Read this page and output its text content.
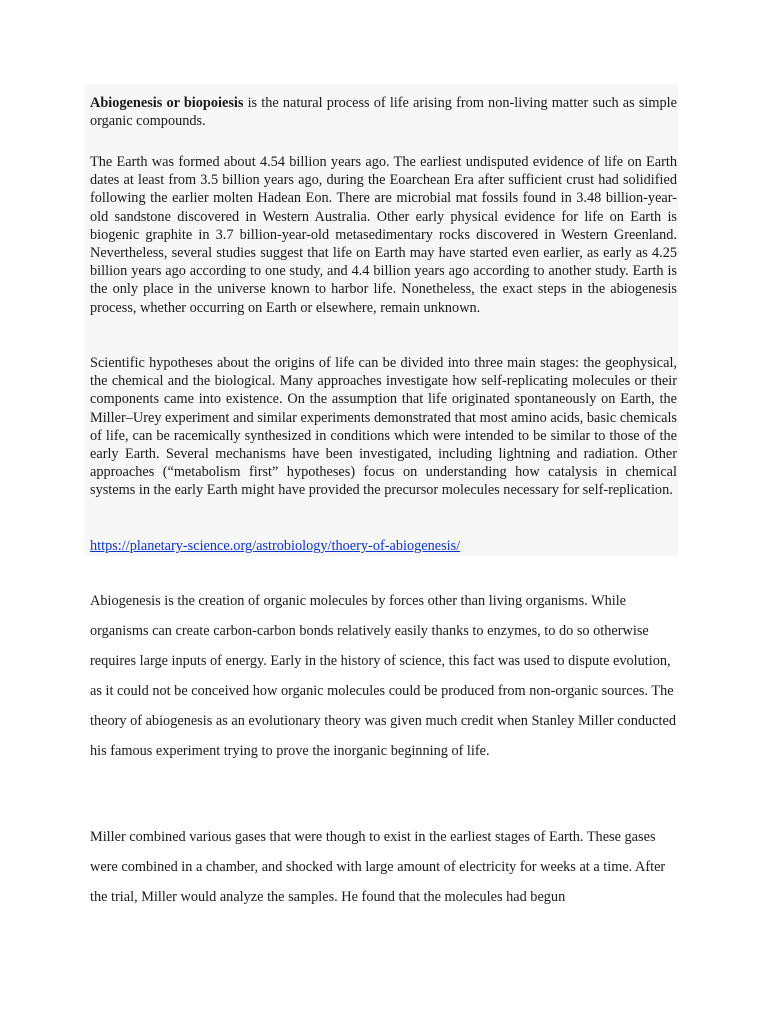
Abiogenesis or biopoiesis is the natural process of life arising from non-living matter such as simple organic compounds.

The Earth was formed about 4.54 billion years ago. The earliest undisputed evidence of life on Earth dates at least from 3.5 billion years ago, during the Eoarchean Era after sufficient crust had solidified following the earlier molten Hadean Eon. There are microbial mat fossils found in 3.48 billion-year-old sandstone discovered in Western Australia. Other early physical evidence for life on Earth is biogenic graphite in 3.7 billion-year-old metasedimentary rocks discovered in Western Greenland. Nevertheless, several studies suggest that life on Earth may have started even earlier, as early as 4.25 billion years ago according to one study, and 4.4 billion years ago according to another study. Earth is the only place in the universe known to harbor life. Nonetheless, the exact steps in the abiogenesis process, whether occurring on Earth or elsewhere, remain unknown.

Scientific hypotheses about the origins of life can be divided into three main stages: the geophysical, the chemical and the biological. Many approaches investigate how self-replicating molecules or their components came into existence. On the assumption that life originated spontaneously on Earth, the Miller–Urey experiment and similar experiments demonstrated that most amino acids, basic chemicals of life, can be racemically synthesized in conditions which were intended to be similar to those of the early Earth. Several mechanisms have been investigated, including lightning and radiation. Other approaches (“metabolism first” hypotheses) focus on understanding how catalysis in chemical systems in the early Earth might have provided the precursor molecules necessary for self-replication.

https://planetary-science.org/astrobiology/thoery-of-abiogenesis/

Abiogenesis is the creation of organic molecules by forces other than living organisms. While organisms can create carbon-carbon bonds relatively easily thanks to enzymes, to do so otherwise requires large inputs of energy. Early in the history of science, this fact was used to dispute evolution, as it could not be conceived how organic molecules could be produced from non-organic sources. The theory of abiogenesis as an evolutionary theory was given much credit when Stanley Miller conducted his famous experiment trying to prove the inorganic beginning of life.

Miller combined various gases that were though to exist in the earliest stages of Earth. These gases were combined in a chamber, and shocked with large amount of electricity for weeks at a time. After the trial, Miller would analyze the samples. He found that the molecules had begun
